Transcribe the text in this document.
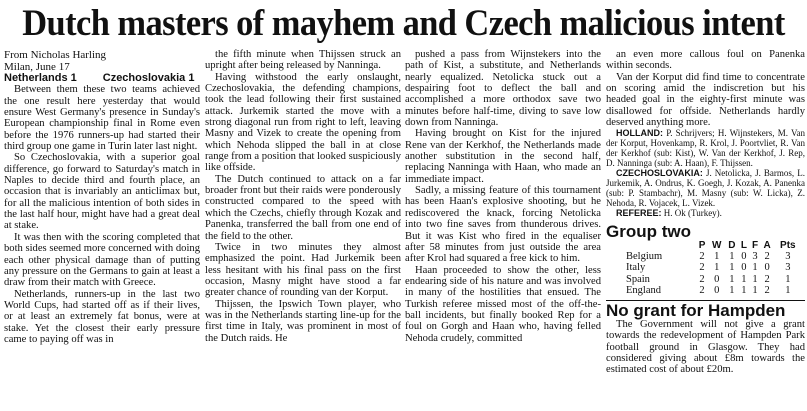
Dutch masters of mayhem and Czech malicious intent
From Nicholas Harling
Milan, June 17
Netherlands 1 Czechoslovakia 1

Between them these two teams achieved the one result here yesterday that would ensure West Germany's presence in Sunday's European championship final in Rome even before the 1976 runners-up had started their third group one game in Turin later last night.

So Czechoslovakia, with a superior goal difference, go forward to Saturday's match in Naples to decide third and fourth place, an occasion that is invariably an anticlimax but, for all the malicious intention of both sides in the last half hour, might have had a great deal at stake.

It was then with the scoring completed that both sides seemed more concerned with doing each other physical damage than of putting any pressure on the Germans to gain at least a draw from their match with Greece.

Netherlands, runners-up in the last two World Cups, had started off as if their lives, or at least an extremely fat bonus, were at stake. Yet the closest their early pressure came to paying off was in

the fifth minute when Thijssen struck an upright after being released by Nanninga.

Having withstood the early onslaught, Czechoslovakia, the defending champions, took the lead following their first sustained attack. Jurkemik started the move with a strong diagonal run from right to left, leaving Masny and Vizek to create the opening from which Nehoda slipped the ball in at close range from a position that looked suspiciously like offside.

The Dutch continued to attack on a far broader front but their raids were ponderously constructed compared to the speed with which the Czechs, chiefly through Kozak and Panenka, transferred the ball from one end of the field to the other.

Twice in two minutes they almost emphasized the point. Had Jurkemik been less hesitant with his final pass on the first occasion, Masny might have stood a far greater chance of rounding van der Korput.

Thijssen, the Ipswich Town player, who was in the Netherlands starting line-up for the first time in Italy, was prominent in most of the Dutch raids. He

pushed a pass from Wijnstekers into the path of Kist, a substitute, and Netherlands nearly equalized. Netolicka stuck out a despairing foot to deflect the ball and accomplished a more orthodox save two minutes before half-time, diving to save low down from Nanninga.

Having brought on Kist for the injured Rene van der Kerkhof, the Netherlands made another substitution in the second half, replacing Nanninga with Haan, who made an immediate impact.

Sadly, a missing feature of this tournament has been Haan's explosive shooting, but he rediscovered the knack, forcing Netolicka into two fine saves from thunderous drives. But it was Kist who fired in the equaliser after 58 minutes from just outside the area after Krol had squared a free kick to him.

Haan proceeded to show the other, less endearing side of his nature and was involved in many of the hostilities that ensued. The Turkish referee missed most of the off-the-ball incidents, but finally booked Rep for a foul on Gorgh and Haan who, having felled Nehoda crudely, committed

an even more callous foul on Panenka within seconds.

Van der Korput did find time to concentrate on scoring amid the indiscretion but his headed goal in the eighty-first minute was disallowed for offside. Netherlands hardly deserved anything more.

HOLLAND: P. Schrijvers; H. Wijnstekers, M. Van der Korput, Hovenkamp, R. Krol, J. Poortvliet, R. Van der Kerkhof (sub: Kist), W. Van der Kerkhof, J. Rep, D. Nanninga (sub: A. Haan), F. Thijssen.

CZECHOSLOVAKIA: J. Netolicka, J. Barmos, L. Jurkemik, A. Ondrus, K. Goegh, J. Kozak, A. Panenka (sub: P. Stambachr), M. Masny (sub: W. Licka), Z. Nehoda, R. Vojacek, L. Vizek.

REFEREE: H. Ok (Turkey).

Group two
	P	W	D	L	F	A	Pts
Belgium	2	1	1	0	3	2	3
Italy	2	1	1	0	1	0	3
Spain	2	0	1	1	1	2	1
England	2	0	1	1	1	2	1
No grant for Hampden

The Government will not give a grant towards the redevelopment of Hampden Park football ground in Glasgow. They had considered giving about £8m towards the estimated cost of about £20m.
